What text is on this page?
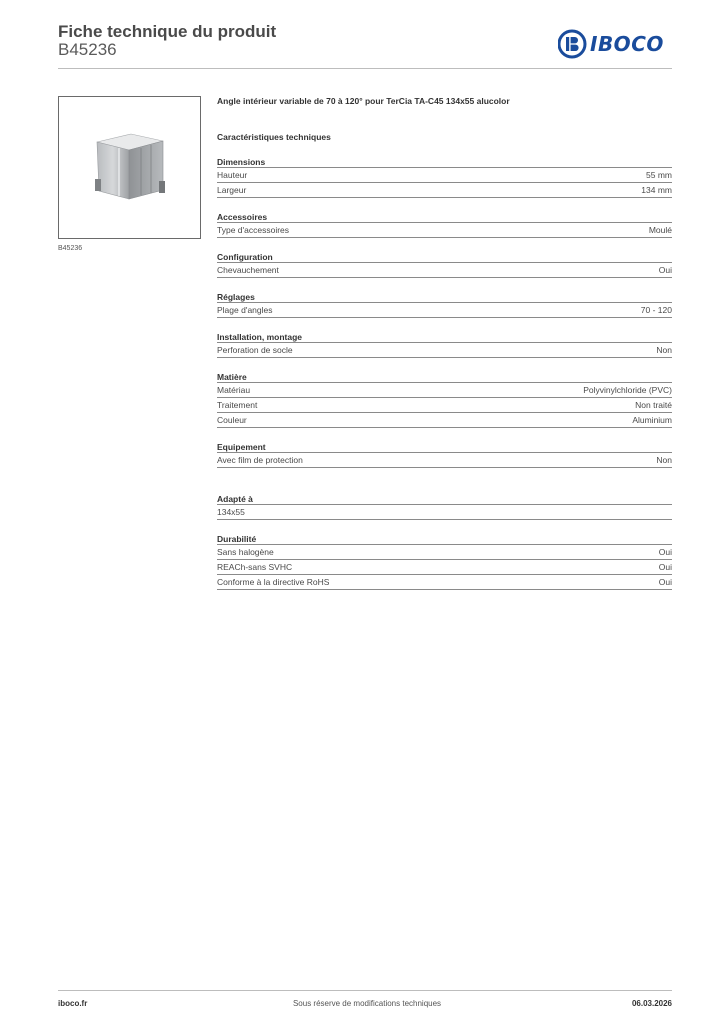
Fiche technique du produit
B45236	IBOCO
B45236
Angle intérieur variable de 70 à 120° pour TerCia TA-C45 134x55 alucolor
Caractéristiques techniques
Dimensions
Hauteur	55 mm
Largeur	134 mm
Accessoires
Type d'accessoires	Moulé
Configuration
Chevauchement	Oui
Réglages
Plage d'angles	70 - 120
Installation, montage
Perforation de socle	Non
Matière
Matériau	Polyvinylchloride (PVC)
Traitement	Non traité
Couleur	Aluminium
Equipement
Avec film de protection	Non
Adapté à
134x55
Durabilité
Sans halogène	Oui
REACh-sans SVHC	Oui
Conforme à la directive RoHS	Oui
iboco.fr	Sous réserve de modifications techniques	06.03.2026
